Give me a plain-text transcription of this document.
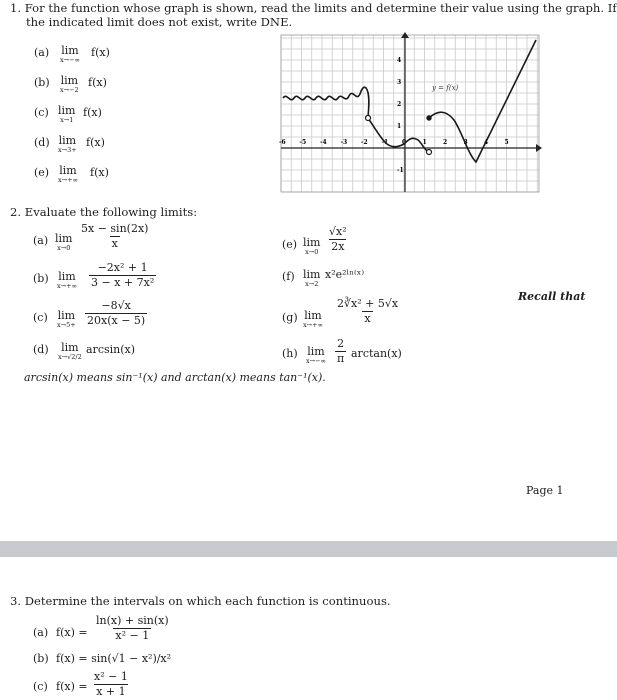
1. For the function whose graph is shown, read the limits and determine their value using the graph. If
the indicated limit does not exist, write DNE.
(a) lim
x→−∞
f(x)
(b) lim
x→−2
f(x)
(c) lim
x→1
f(x)
(d) lim
x→3+
f(x)
(e) lim
x→+∞
f(x)
-6 -5 -4 -3 -2 -1 0	1	2	3	4	5
4
3
2
1
-1
y = f(x)
2. Evaluate the following limits:
(a) lim
$x\to 0 \frac{5x - \sin(2x)}{x}$
(b) lim
$x\to+\infty \frac{\text{−2x² + 1}}{\text{3 − x + 7x²}}$
(c) lim
$x\to 5+ \frac{-8√x}{20x(x - 5)}$
(d) lim
x→√2/2
arcsin(x)
(e) lim
$x\to 0 \frac{\text{√x²}}{2x}$
(f) lim
x→2
x²e²ˡⁿ⁽ˣ⁾
(g) lim
$x\to+\infty \frac{\text{2∛x² + 5√x}}{x}$
(h) lim
$x\to-\infty \frac{2}{\pi} \arctan(x)$
arcsin(x) means sin⁻¹(x) and arctan(x) means tan⁻¹(x).
Recall that
Page 1
3. Determine the intervals on which each function is continuous.
(a) $f(x) = \frac{\ln(x) + \sin(x)}{\text{x² − 1}}$
(b) f(x) = sin(√1 − x²)/x²
(c) $f(x) = \frac{\text{x² − 1}}{x + 1}$
